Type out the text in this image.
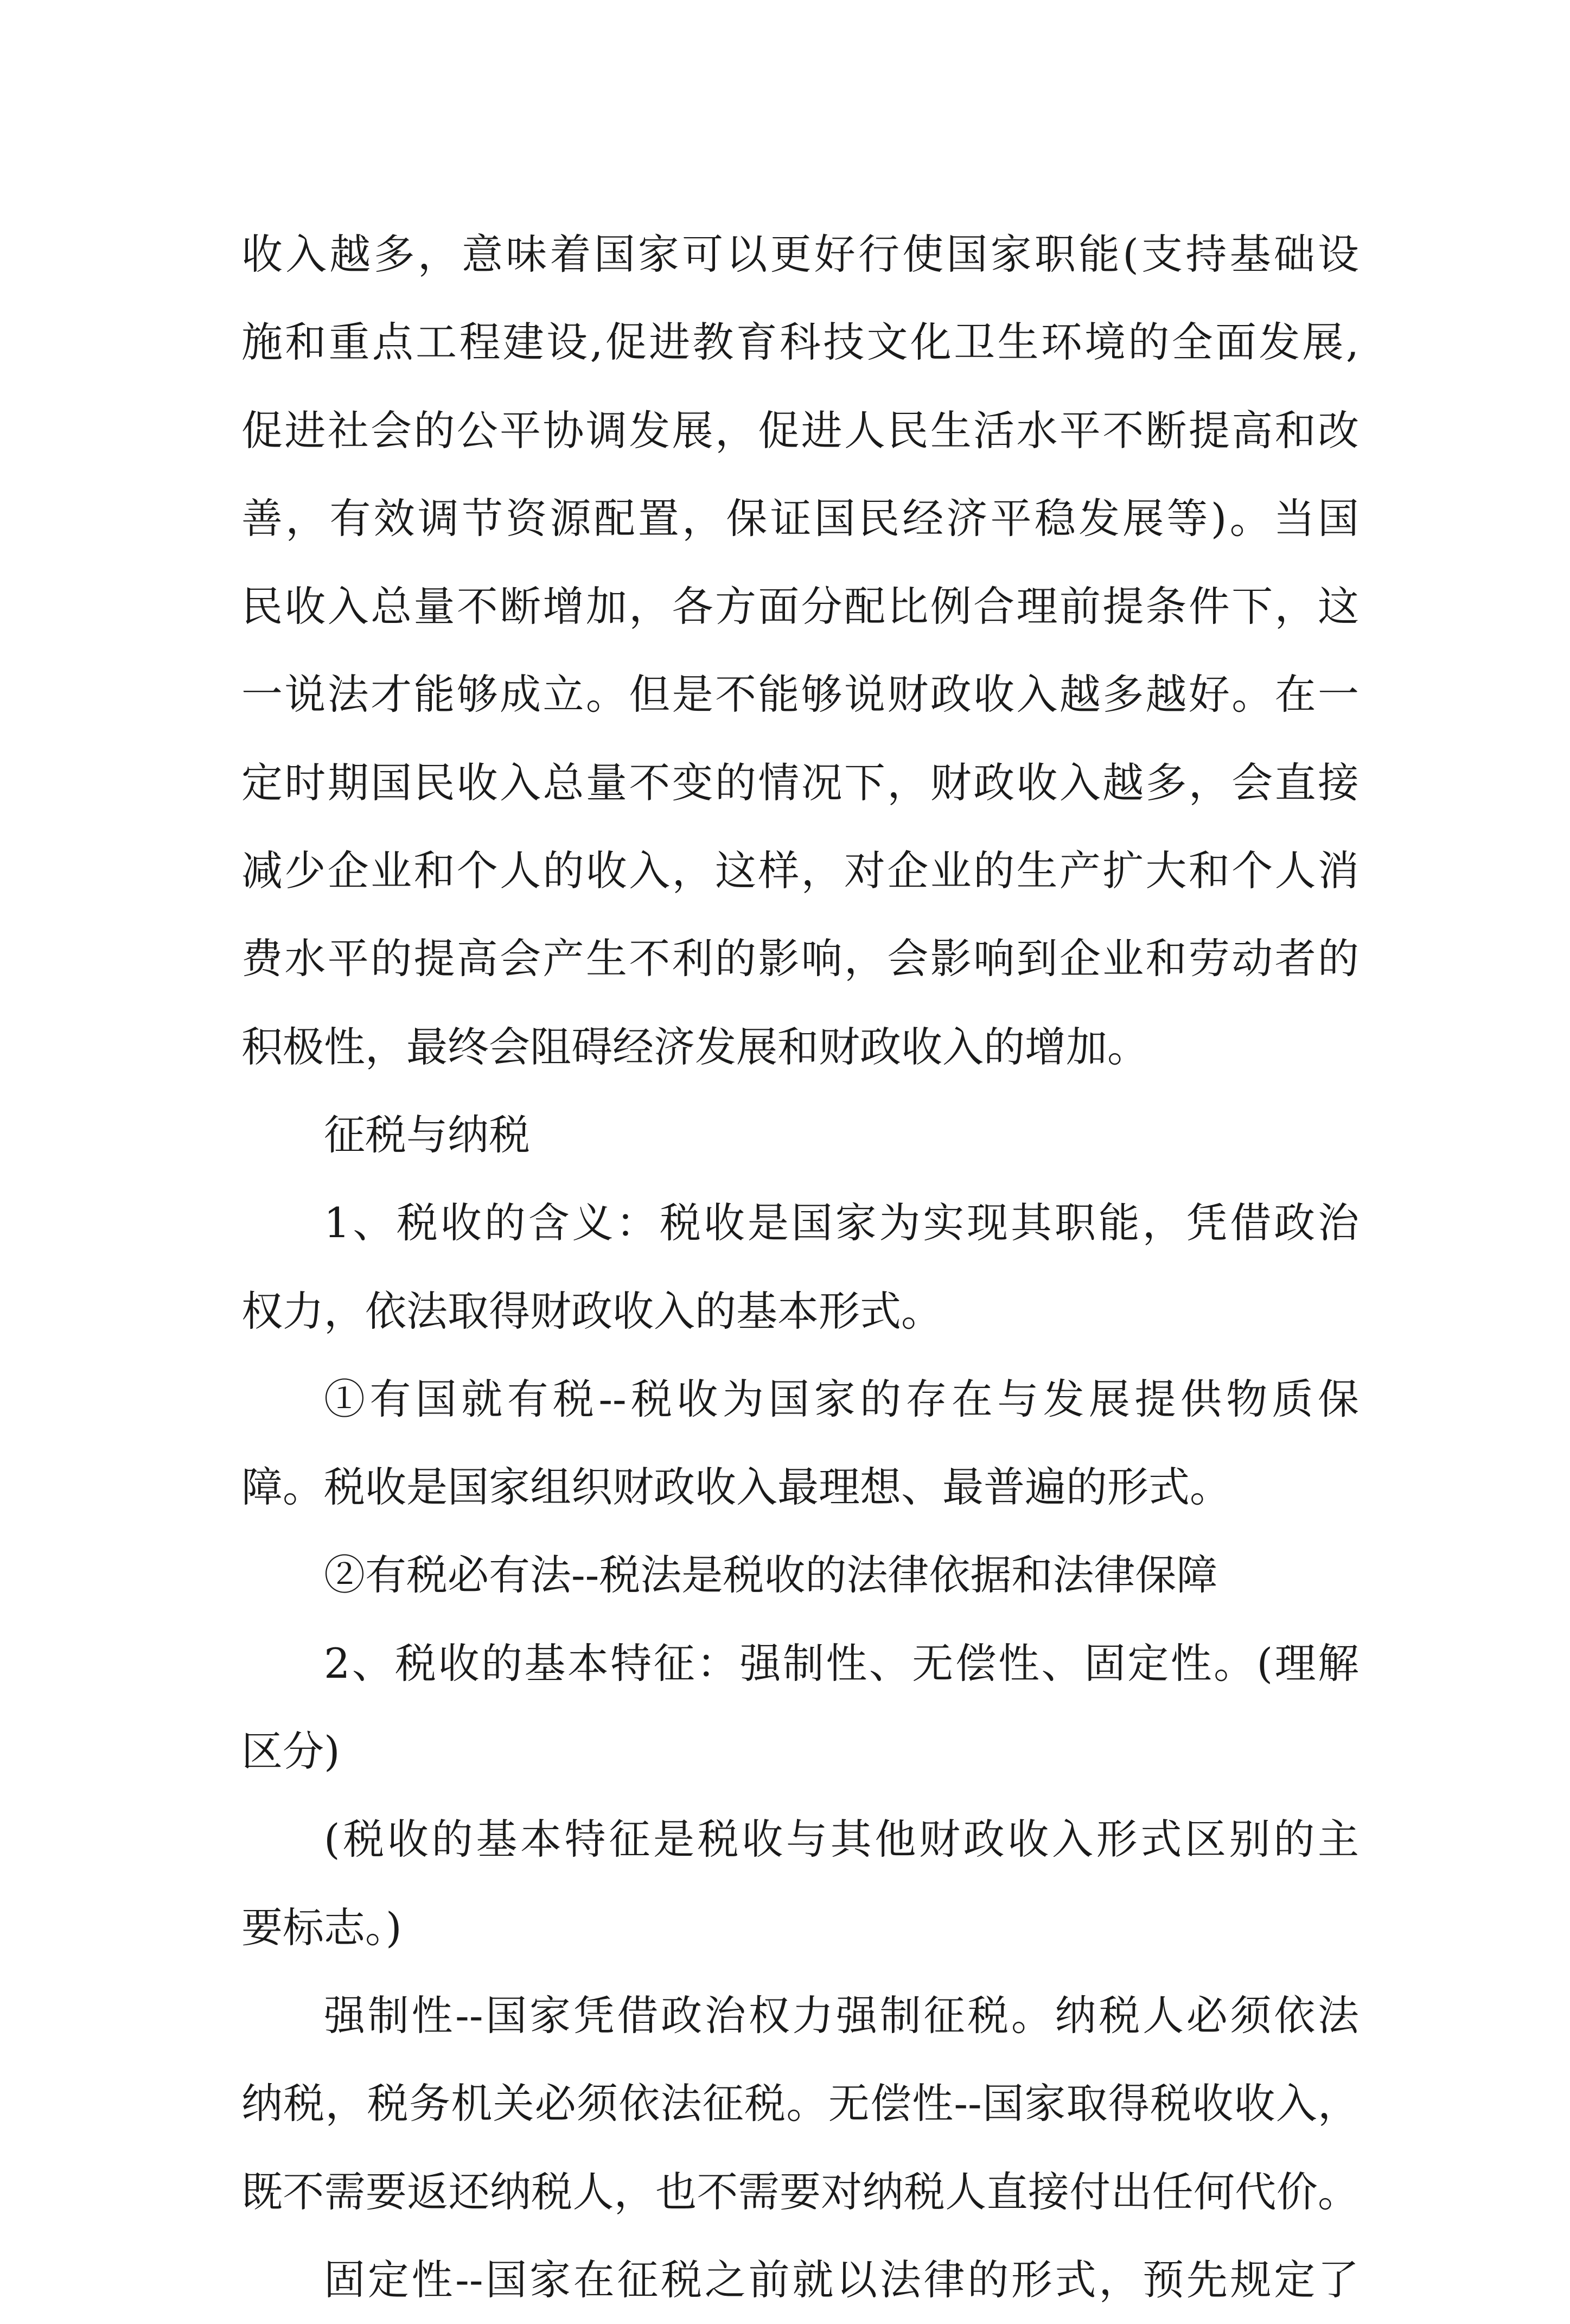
收入越多，意味着国家可以更好行使国家职能(支持基础设
施和重点工程建设,促进教育科技文化卫生环境的全面发展,
促进社会的公平协调发展，促进人民生活水平不断提高和改
善，有效调节资源配置，保证国民经济平稳发展等)。当国
民收入总量不断增加，各方面分配比例合理前提条件下，这
一说法才能够成立。但是不能够说财政收入越多越好。在一
定时期国民收入总量不变的情况下，财政收入越多，会直接
减少企业和个人的收入，这样，对企业的生产扩大和个人消
费水平的提高会产生不利的影响，会影响到企业和劳动者的
积极性，最终会阻碍经济发展和财政收入的增加。
征税与纳税
1、税收的含义：税收是国家为实现其职能，凭借政治
权力，依法取得财政收入的基本形式。
①有国就有税--税收为国家的存在与发展提供物质保
障。税收是国家组织财政收入最理想、最普遍的形式。
②有税必有法--税法是税收的法律依据和法律保障
2、税收的基本特征：强制性、无偿性、固定性。(理解
区分)
(税收的基本特征是税收与其他财政收入形式区别的主
要标志。)
强制性--国家凭借政治权力强制征税。纳税人必须依法
纳税，税务机关必须依法征税。无偿性--国家取得税收收入，
既不需要返还纳税人，也不需要对纳税人直接付出任何代价。
固定性--国家在征税之前就以法律的形式，预先规定了
